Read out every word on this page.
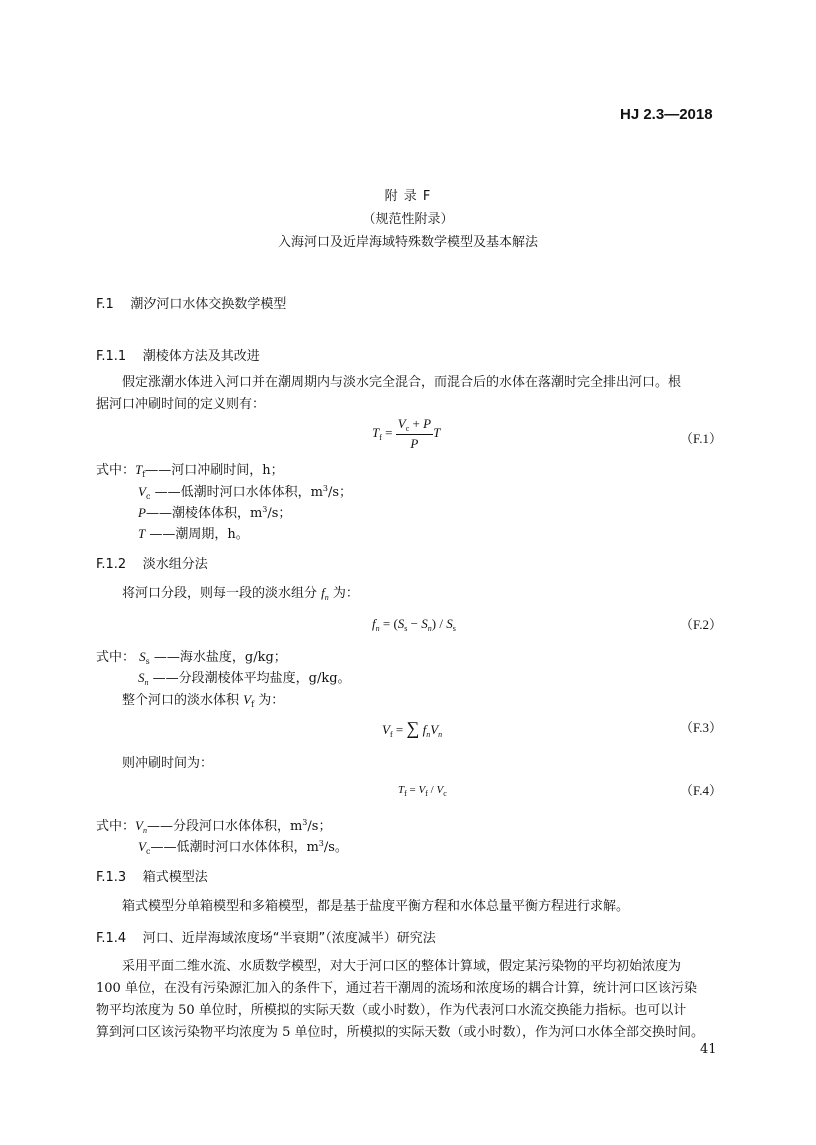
HJ 2.3—2018
附 录 F
（规范性附录）
入海河口及近岸海域特殊数学模型及基本解法
F.1    潮汐河口水体交换数学模型
F.1.1    潮棱体方法及其改进
假定涨潮水体进入河口并在潮周期内与淡水完全混合，而混合后的水体在落潮时完全排出河口。根
据河口冲刷时间的定义则有：
$T_f = \frac{V_c + P}{P}$ T	（F.1）
式中：$T_f——$河口冲刷时间，h；
$V_c$ ——低潮时河口水体体积，$m^3/s$；
P——潮棱体体积，$m^3/s$；
T ——潮周期，h。
F.1.2    淡水组分法
将河口分段，则每一段的淡水组分 $f_n$ 为：
$f_n = (S_s - S_n) / S_s$	（F.2）
式中： $S_s$ ——海水盐度，g/kg；
$S_n$ ——分段潮棱体平均盐度，g/kg。
整个河口的淡水体积 $V_f$ 为：
$V_f$ = ∑ $f_nV_n$	（F.3）
则冲刷时间为：
$T_f = V_f / V_c$	（F.4）
式中：$V_n——$分段河口水体体积，$m^3/s$；
$V_c——$低潮时河口水体体积，$m^3/s$。
F.1.3    箱式模型法
箱式模型分单箱模型和多箱模型，都是基于盐度平衡方程和水体总量平衡方程进行求解。
F.1.4    河口、近岸海域浓度场“半衰期”（浓度减半）研究法
采用平面二维水流、水质数学模型，对大于河口区的整体计算域，假定某污染物的平均初始浓度为
100 单位，在没有污染源汇加入的条件下，通过若干潮周的流场和浓度场的耦合计算，统计河口区该污染
物平均浓度为 50 单位时，所模拟的实际天数（或小时数），作为代表河口水流交换能力指标。也可以计
算到河口区该污染物平均浓度为 5 单位时，所模拟的实际天数（或小时数），作为河口水体全部交换时间。
41
